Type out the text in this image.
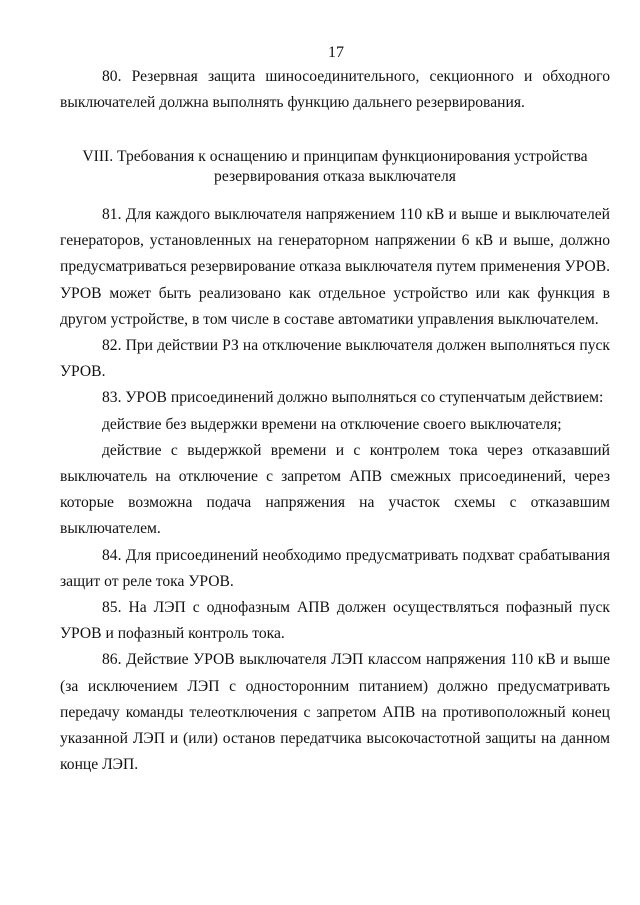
17

80. Резервная защита шиносоединительного, секционного и обходного выключателей должна выполнять функцию дальнего резервирования.

VIII. Требования к оснащению и принципам функционирования устройства
резервирования отказа выключателя

81. Для каждого выключателя напряжением 110 кВ и выше и выключателей генераторов, установленных на генераторном напряжении 6 кВ и выше, должно предусматриваться резервирование отказа выключателя путем применения УРОВ. УРОВ может быть реализовано как отдельное устройство или как функция в другом устройстве, в том числе в составе автоматики управления выключателем.

82. При действии РЗ на отключение выключателя должен выполняться пуск УРОВ.

83. УРОВ присоединений должно выполняться со ступенчатым действием:

действие без выдержки времени на отключение своего выключателя;

действие с выдержкой времени и с контролем тока через отказавший выключатель на отключение с запретом АПВ смежных присоединений, через которые возможна подача напряжения на участок схемы с отказавшим выключателем.

84. Для присоединений необходимо предусматривать подхват срабатывания защит от реле тока УРОВ.

85. На ЛЭП с однофазным АПВ должен осуществляться пофазный пуск УРОВ и пофазный контроль тока.

86. Действие УРОВ выключателя ЛЭП классом напряжения 110 кВ и выше (за исключением ЛЭП с односторонним питанием) должно предусматривать передачу команды телеотключения с запретом АПВ на противоположный конец указанной ЛЭП и (или) останов передатчика высокочастотной защиты на данном конце ЛЭП.
